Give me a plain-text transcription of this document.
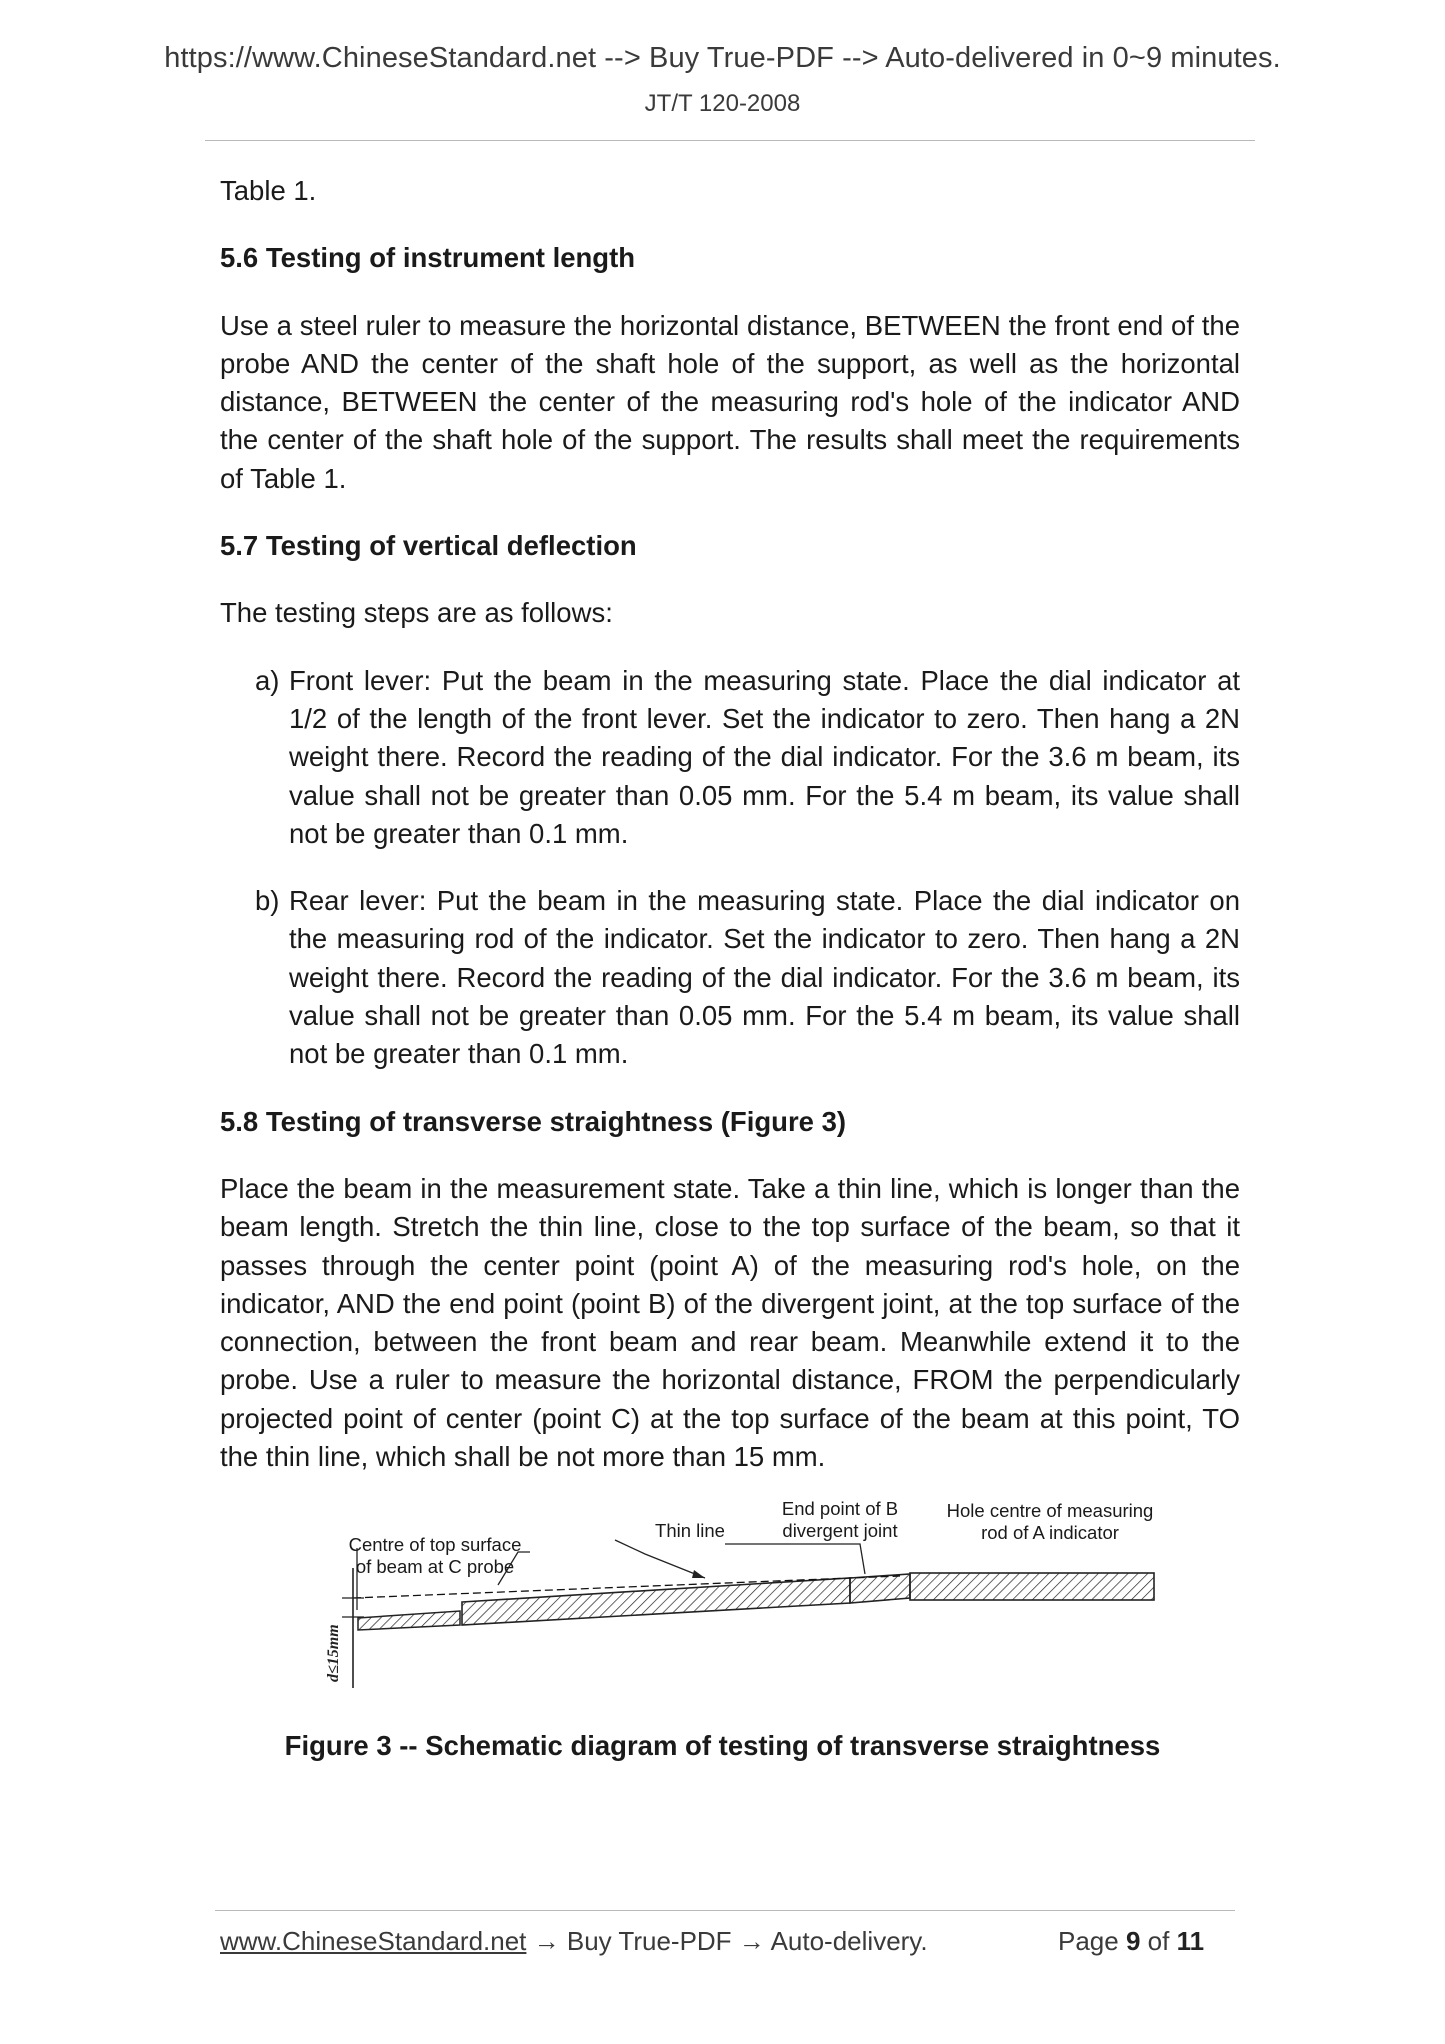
https://www.ChineseStandard.net --> Buy True-PDF --> Auto-delivered in 0~9 minutes.
JT/T 120-2008

Table 1.

5.6 Testing of instrument length

Use a steel ruler to measure the horizontal distance, BETWEEN the front end of the probe AND the center of the shaft hole of the support, as well as the horizontal distance, BETWEEN the center of the measuring rod's hole of the indicator AND the center of the shaft hole of the support. The results shall meet the requirements of Table 1.

5.7 Testing of vertical deflection

The testing steps are as follows:

a) Front lever: Put the beam in the measuring state. Place the dial indicator at 1/2 of the length of the front lever. Set the indicator to zero. Then hang a 2N weight there. Record the reading of the dial indicator. For the 3.6 m beam, its value shall not be greater than 0.05 mm. For the 5.4 m beam, its value shall not be greater than 0.1 mm.
b) Rear lever: Put the beam in the measuring state. Place the dial indicator on the measuring rod of the indicator. Set the indicator to zero. Then hang a 2N weight there. Record the reading of the dial indicator. For the 3.6 m beam, its value shall not be greater than 0.05 mm. For the 5.4 m beam, its value shall not be greater than 0.1 mm.
5.8 Testing of transverse straightness (Figure 3)

Place the beam in the measurement state. Take a thin line, which is longer than the beam length. Stretch the thin line, close to the top surface of the beam, so that it passes through the center point (point A) of the measuring rod's hole, on the indicator, AND the end point (point B) of the divergent joint, at the top surface of the connection, between the front beam and rear beam. Meanwhile extend it to the probe. Use a ruler to measure the horizontal distance, FROM the perpendicularly projected point of center (point C) at the top surface of the beam at this point, TO the thin line, which shall be not more than 15 mm.

d≤15mm
Centre of top surface
of beam at C probe
Thin line
End point of B
divergent joint
Hole centre of measuring
rod of A indicator
Figure 3 -- Schematic diagram of testing of transverse straightness
www.ChineseStandard.net → Buy True-PDF → Auto-delivery.	Page 9 of 11
